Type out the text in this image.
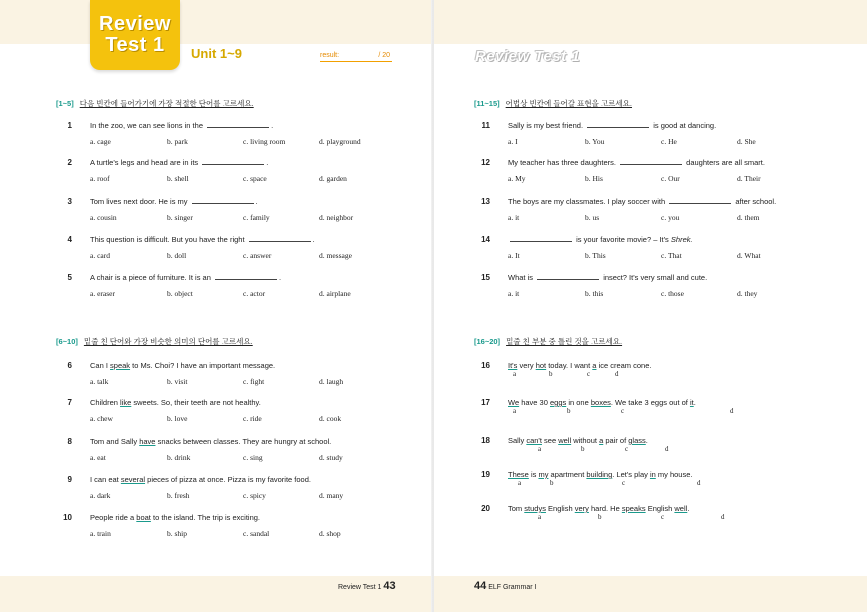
Review
Test 1	Unit 1~9	result:	/ 20
[1~5] 다음 빈칸에 들어가기에 가장 적절한 단어를 고르세요.
1 In the zoo, we can see lions in the	.
a. cage	b. park	c. living room	d. playground
2 A turtle's legs and head are in its	.
a. roof	b. shell	c. space	d. garden
3 Tom lives next door. He is my	.
a. cousin	b. singer	c. family	d. neighbor
4 This question is difficult. But you have the right	.
a. card	b. doll	c. answer	d. message
5 A chair is a piece of furniture. It is an	.
a. eraser	b. object	c. actor	d. airplane
[6~10] 밑줄 친 단어와 가장 비슷한 의미의 단어를 고르세요.
6 Can I speak to Ms. Choi? I have an important message.
a. talk	b. visit	c. fight	d. laugh
7 Children like sweets. So, their teeth are not healthy.
a. chew	b. love	c. ride	d. cook
8 Tom and Sally have snacks between classes. They are hungry at school.
a. eat	b. drink	c. sing	d. study
9 I can eat several pieces of pizza at once. Pizza is my favorite food.
a. dark	b. fresh	c. spicy	d. many
10 People ride a boat to the island. The trip is exciting.
a. train	b. ship	c. sandal	d. shop
Review Test 1 43
Review Test 1
[11~15] 어법상 빈칸에 들어갈 표현을 고르세요.
11 Sally is my best friend.	is good at dancing.
a. I	b. You	c. He	d. She
12 My teacher has three daughters.	daughters are all smart.
a. My	b. His	c. Our	d. Their
13 The boys are my classmates. I play soccer with	after school.
a. it	b. us	c. you	d. them
14	is your favorite movie? – It's Shrek.
a. It	b. This	c. That	d. What
15 What is	insect? It's very small and cute.
a. it	b. this	c. those	d. they
[16~20] 밑줄 친 부분 중 틀린 것을 고르세요.
16 It's very hot today. I want a ice cream cone.
a	b	c	d
17 We have 30 eggs in one boxes. We take 3 eggs out of it.
a	b	c	d
18 Sally can't see well without a pair of glass.
a	b	c	d
19 These is my apartment building. Let's play in my house.
a	b	c	d
20 Tom studys English very hard. He speaks English well.
a	b	c	d
44 ELF Grammar I
